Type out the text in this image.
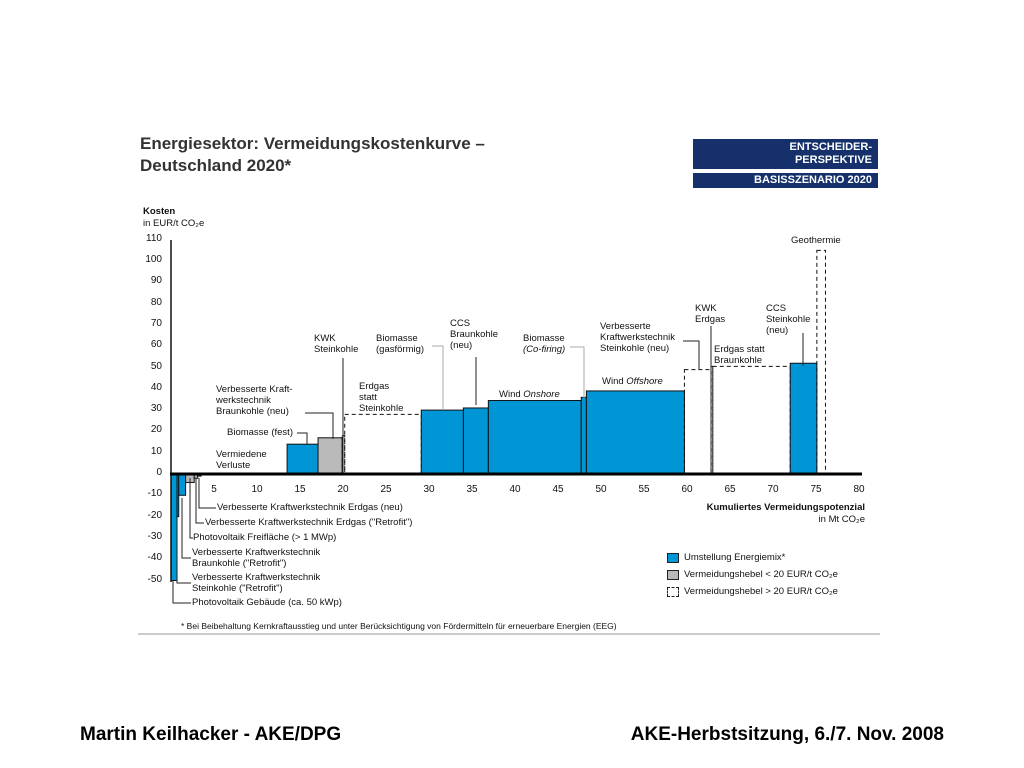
Energiesektor: Vermeidungskostenkurve –
Deutschland 2020*
ENTSCHEIDER-
PERSPEKTIVE
BASISSZENARIO 2020
Kosten
in EUR/t CO₂e
110
100
90
80
70
60
50
40
30
20
10
0
-10
-20
-30
-40
-50
5	10	15	20	25	30	35	40	45	50	55	60	65	70	75	80
Kumuliertes Vermeidungspotenzial
in Mt CO₂e
KWK
Steinkohle
Biomasse
(gasförmig)
CCS
Braunkohle
(neu)
Biomasse
(Co-firing)
Verbesserte
Kraftwerkstechnik
Steinkohle (neu)
KWK
Erdgas
Erdgas statt
Braunkohle
CCS
Steinkohle
(neu)
Geothermie
Wind Onshore
Wind Offshore
Erdgas
statt
Steinkohle
Verbesserte Kraft-
werkstechnik
Braunkohle (neu)
Biomasse (fest)
Vermiedene
Verluste
Verbesserte Kraftwerkstechnik Erdgas (neu)
Verbesserte Kraftwerkstechnik Erdgas ("Retrofit")
Photovoltaik Freifläche (> 1 MWp)
Verbesserte Kraftwerkstechnik
Braunkohle ("Retrofit")
Verbesserte Kraftwerkstechnik
Steinkohle ("Retrofit")
Photovoltaik Gebäude (ca. 50 kWp)
Umstellung Energiemix*
Vermeidungshebel < 20 EUR/t CO₂e
Vermeidungshebel > 20 EUR/t CO₂e
* Bei Beibehaltung Kernkraftausstieg und unter Berücksichtigung von Fördermitteln für erneuerbare Energien (EEG)
Martin Keilhacker - AKE/DPG	AKE-Herbstsitzung, 6./7. Nov. 2008
